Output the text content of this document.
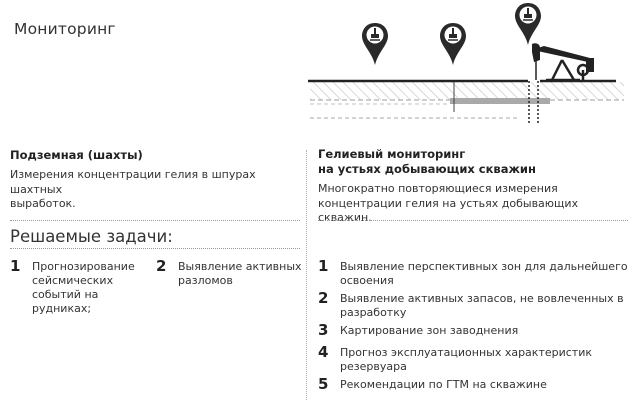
Мониторинг
Подземная (шахты)
Измерения концентрации гелия в шпурах шахтных
выработок.
Гелиевый мониторинг
на устьях добывающих скважин
Многократно повторяющиеся измерения
концентрации гелия на устьях добывающих скважин.
Решаемые задачи:
1	Прогнозирование
сейсмических
событий на рудниках;
2	Выявление активных
разломов
1	Выявление перспективных зон для дальнейшего
освоения
2	Выявление активных запасов, не вовлеченных в
разработку
3	Картирование зон заводнения
4	Прогноз эксплуатационных характеристик
резервуара
5	Рекомендации по ГТМ на скважине
